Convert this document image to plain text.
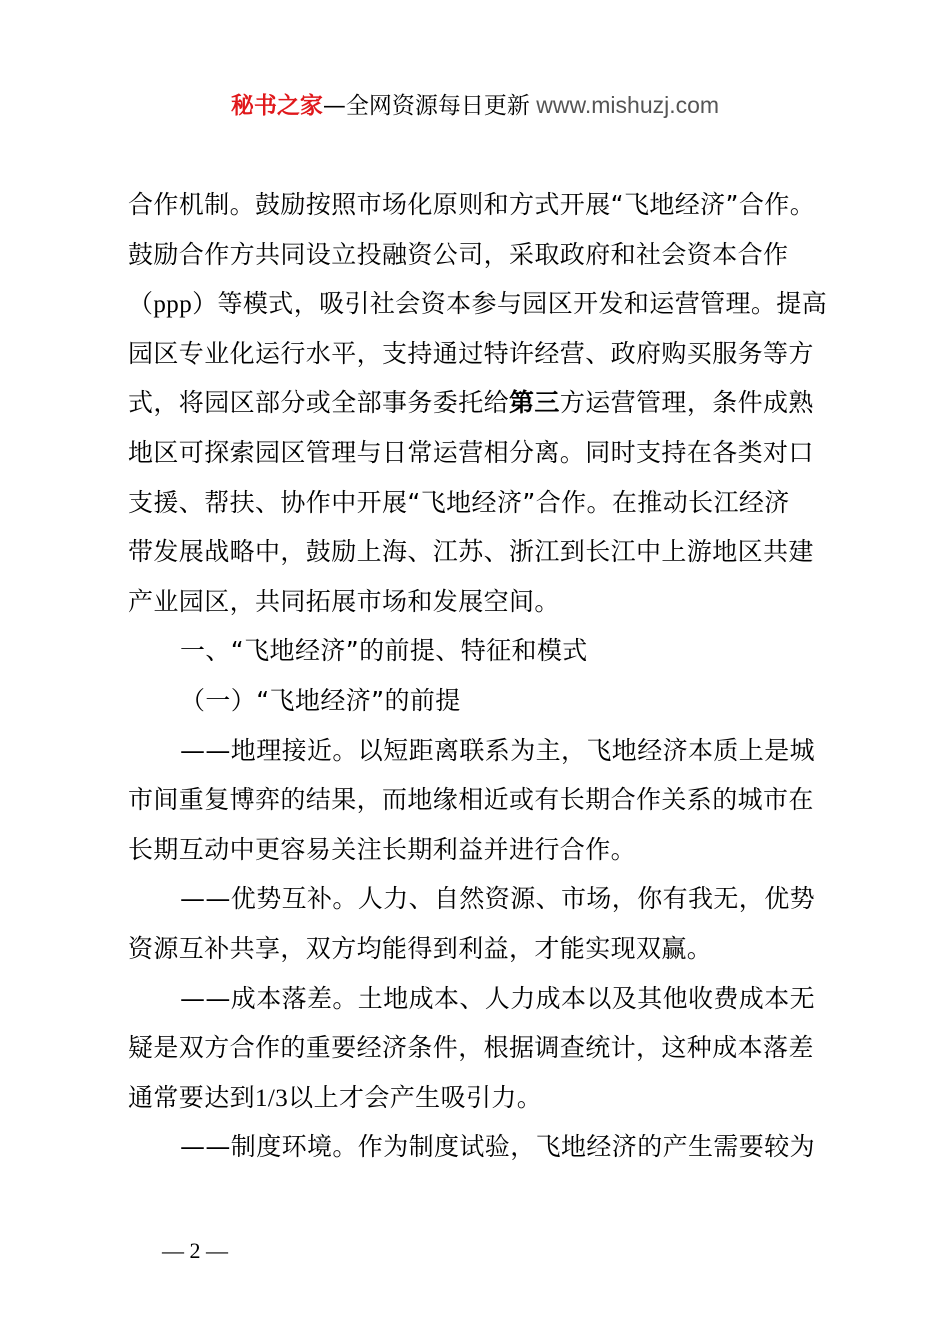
秘书之家—全网资源每日更新 www.mishuzj.com
合作机制。鼓励按照市场化原则和方式开展“飞地经济”合作。
鼓励合作方共同设立投融资公司，采取政府和社会资本合作
（ppp）等模式，吸引社会资本参与园区开发和运营管理。提高
园区专业化运行水平，支持通过特许经营、政府购买服务等方
式，将园区部分或全部事务委托给第三方运营管理，条件成熟
地区可探索园区管理与日常运营相分离。同时支持在各类对口
支援、帮扶、协作中开展“飞地经济”合作。在推动长江经济
带发展战略中，鼓励上海、江苏、浙江到长江中上游地区共建
产业园区，共同拓展市场和发展空间。
一、“飞地经济”的前提、特征和模式
（一）“飞地经济”的前提
——地理接近。以短距离联系为主，飞地经济本质上是城
市间重复博弈的结果，而地缘相近或有长期合作关系的城市在
长期互动中更容易关注长期利益并进行合作。
——优势互补。人力、自然资源、市场，你有我无，优势
资源互补共享，双方均能得到利益，才能实现双赢。
——成本落差。土地成本、人力成本以及其他收费成本无
疑是双方合作的重要经济条件，根据调查统计，这种成本落差
通常要达到1/3以上才会产生吸引力。
——制度环境。作为制度试验，飞地经济的产生需要较为
— 2 —
